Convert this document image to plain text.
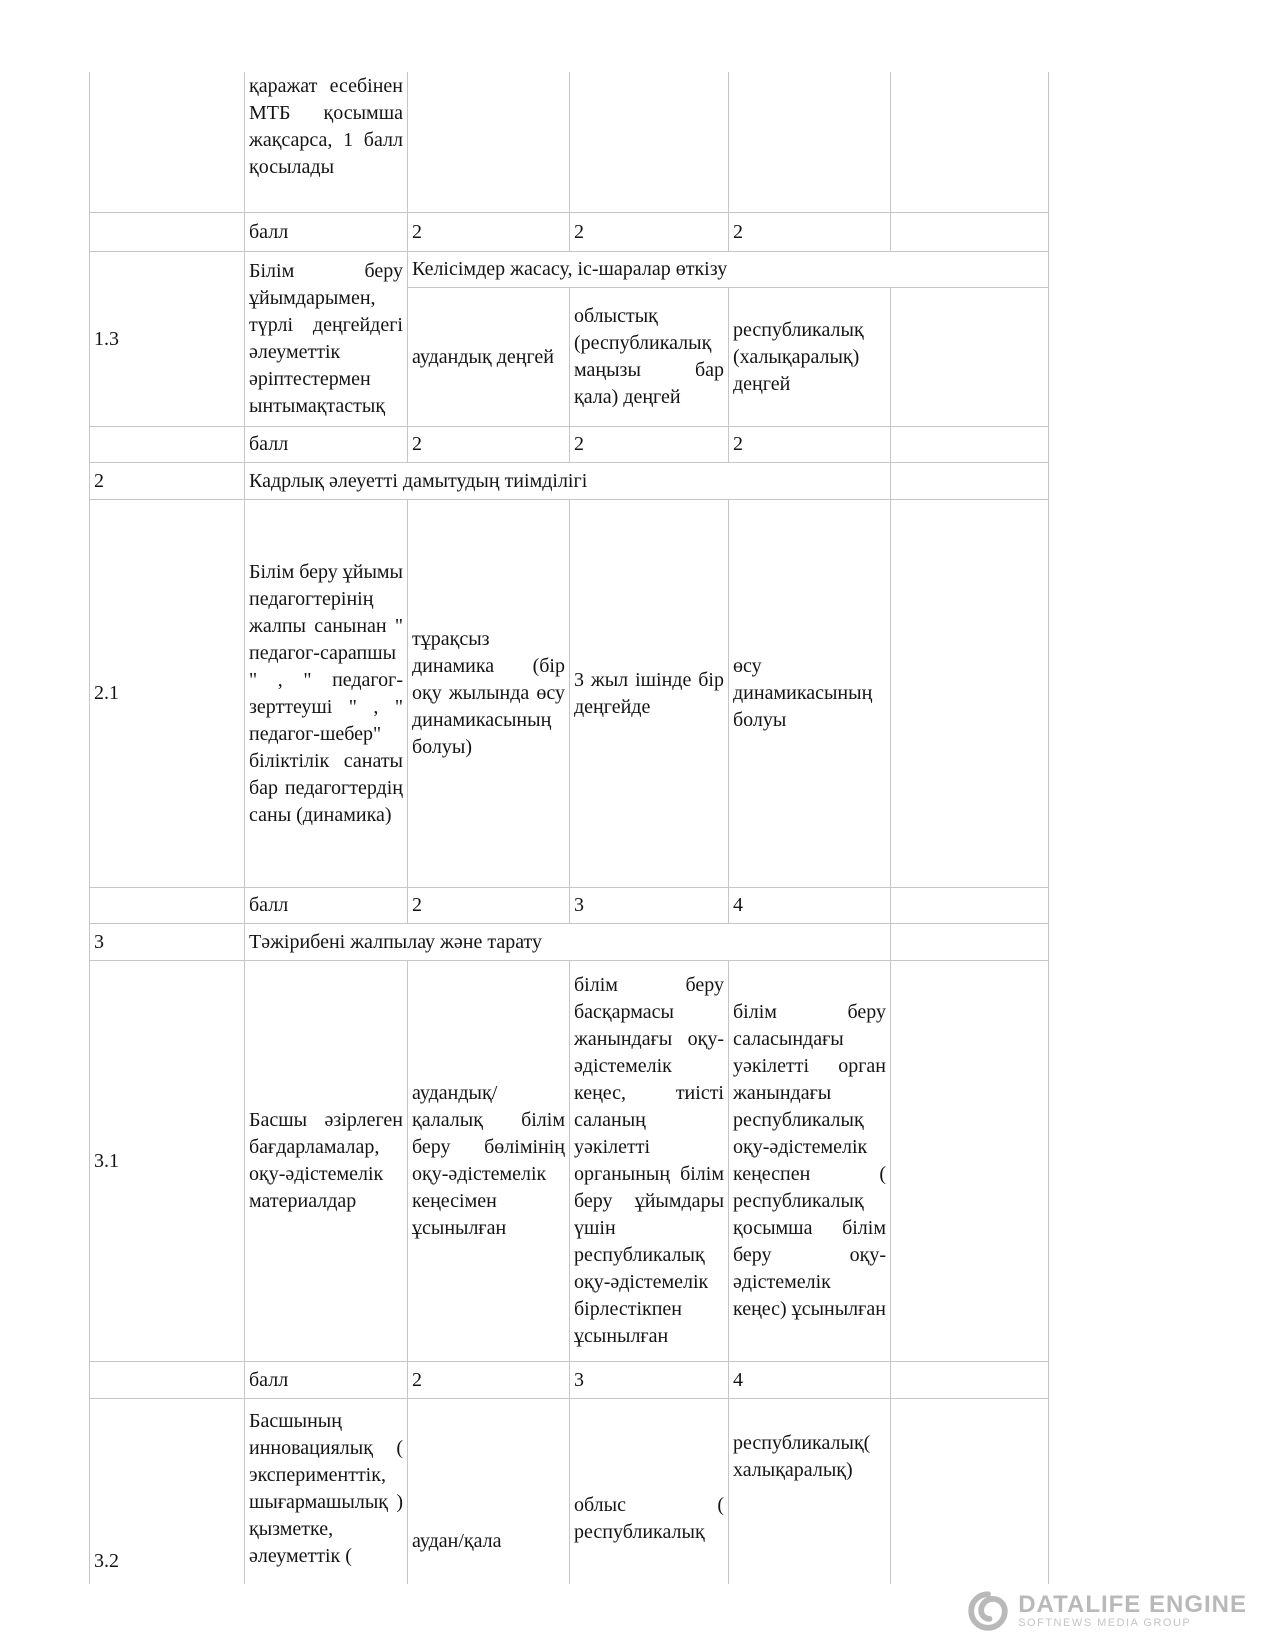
	қаражат есебінен МТБ қосымша жақсарса, 1 балл қосылады				
	балл	2	2	2	
1.3	Білім беру ұйымдарымен, түрлі деңгейдегі әлеуметтік әріптестермен ынтымақтастық	Келісімдер жасасу, іс-шаралар өткізу			
		аудандық деңгей	облыстық (республикалық маңызы бар қала) деңгей	республикалық (халықаралық) деңгей	
	балл	2	2	2	
2	Кадрлық әлеуетті дамытудың тиімділігі				
2.1	Білім беру ұйымы педагогтерінің жалпы санынан " педагог-сарапшы " , " педагог-зерттеуші " , " педагог-шебер" біліктілік санаты бар педагогтердің саны (динамика)	тұрақсыз динамика (бір оқу жылында өсу динамикасының болуы)	3 жыл ішінде бір деңгейде	өсу динамикасының болуы	
	балл	2	3	4	
3	Тәжірибені жалпылау және тарату				
3.1	Басшы әзірлеген бағдарламалар, оқу-әдістемелік материалдар	аудандық/ қалалық білім беру бөлімінің оқу-әдістемелік кеңесімен ұсынылған	білім беру басқармасы жанындағы оқу-әдістемелік кеңес, тиісті саланың уәкілетті органының білім беру ұйымдары үшін республикалық оқу-әдістемелік бірлестікпен ұсынылған	білім беру саласындағы уәкілетті орган жанындағы республикалық оқу-әдістемелік кеңеспен ( республикалық қосымша білім беру оқу-әдістемелік кеңес) ұсынылған	
	балл	2	3	4	

3.2	Басшының инновациялық ( эксперименттік, шығармашылық ) қызметке, әлеуметтік (	аудан/қала	облыс ( республикалық	республикалық( халықаралық)	

DATALIFE ENGINE
SOFTNEWS MEDIA GROUP
